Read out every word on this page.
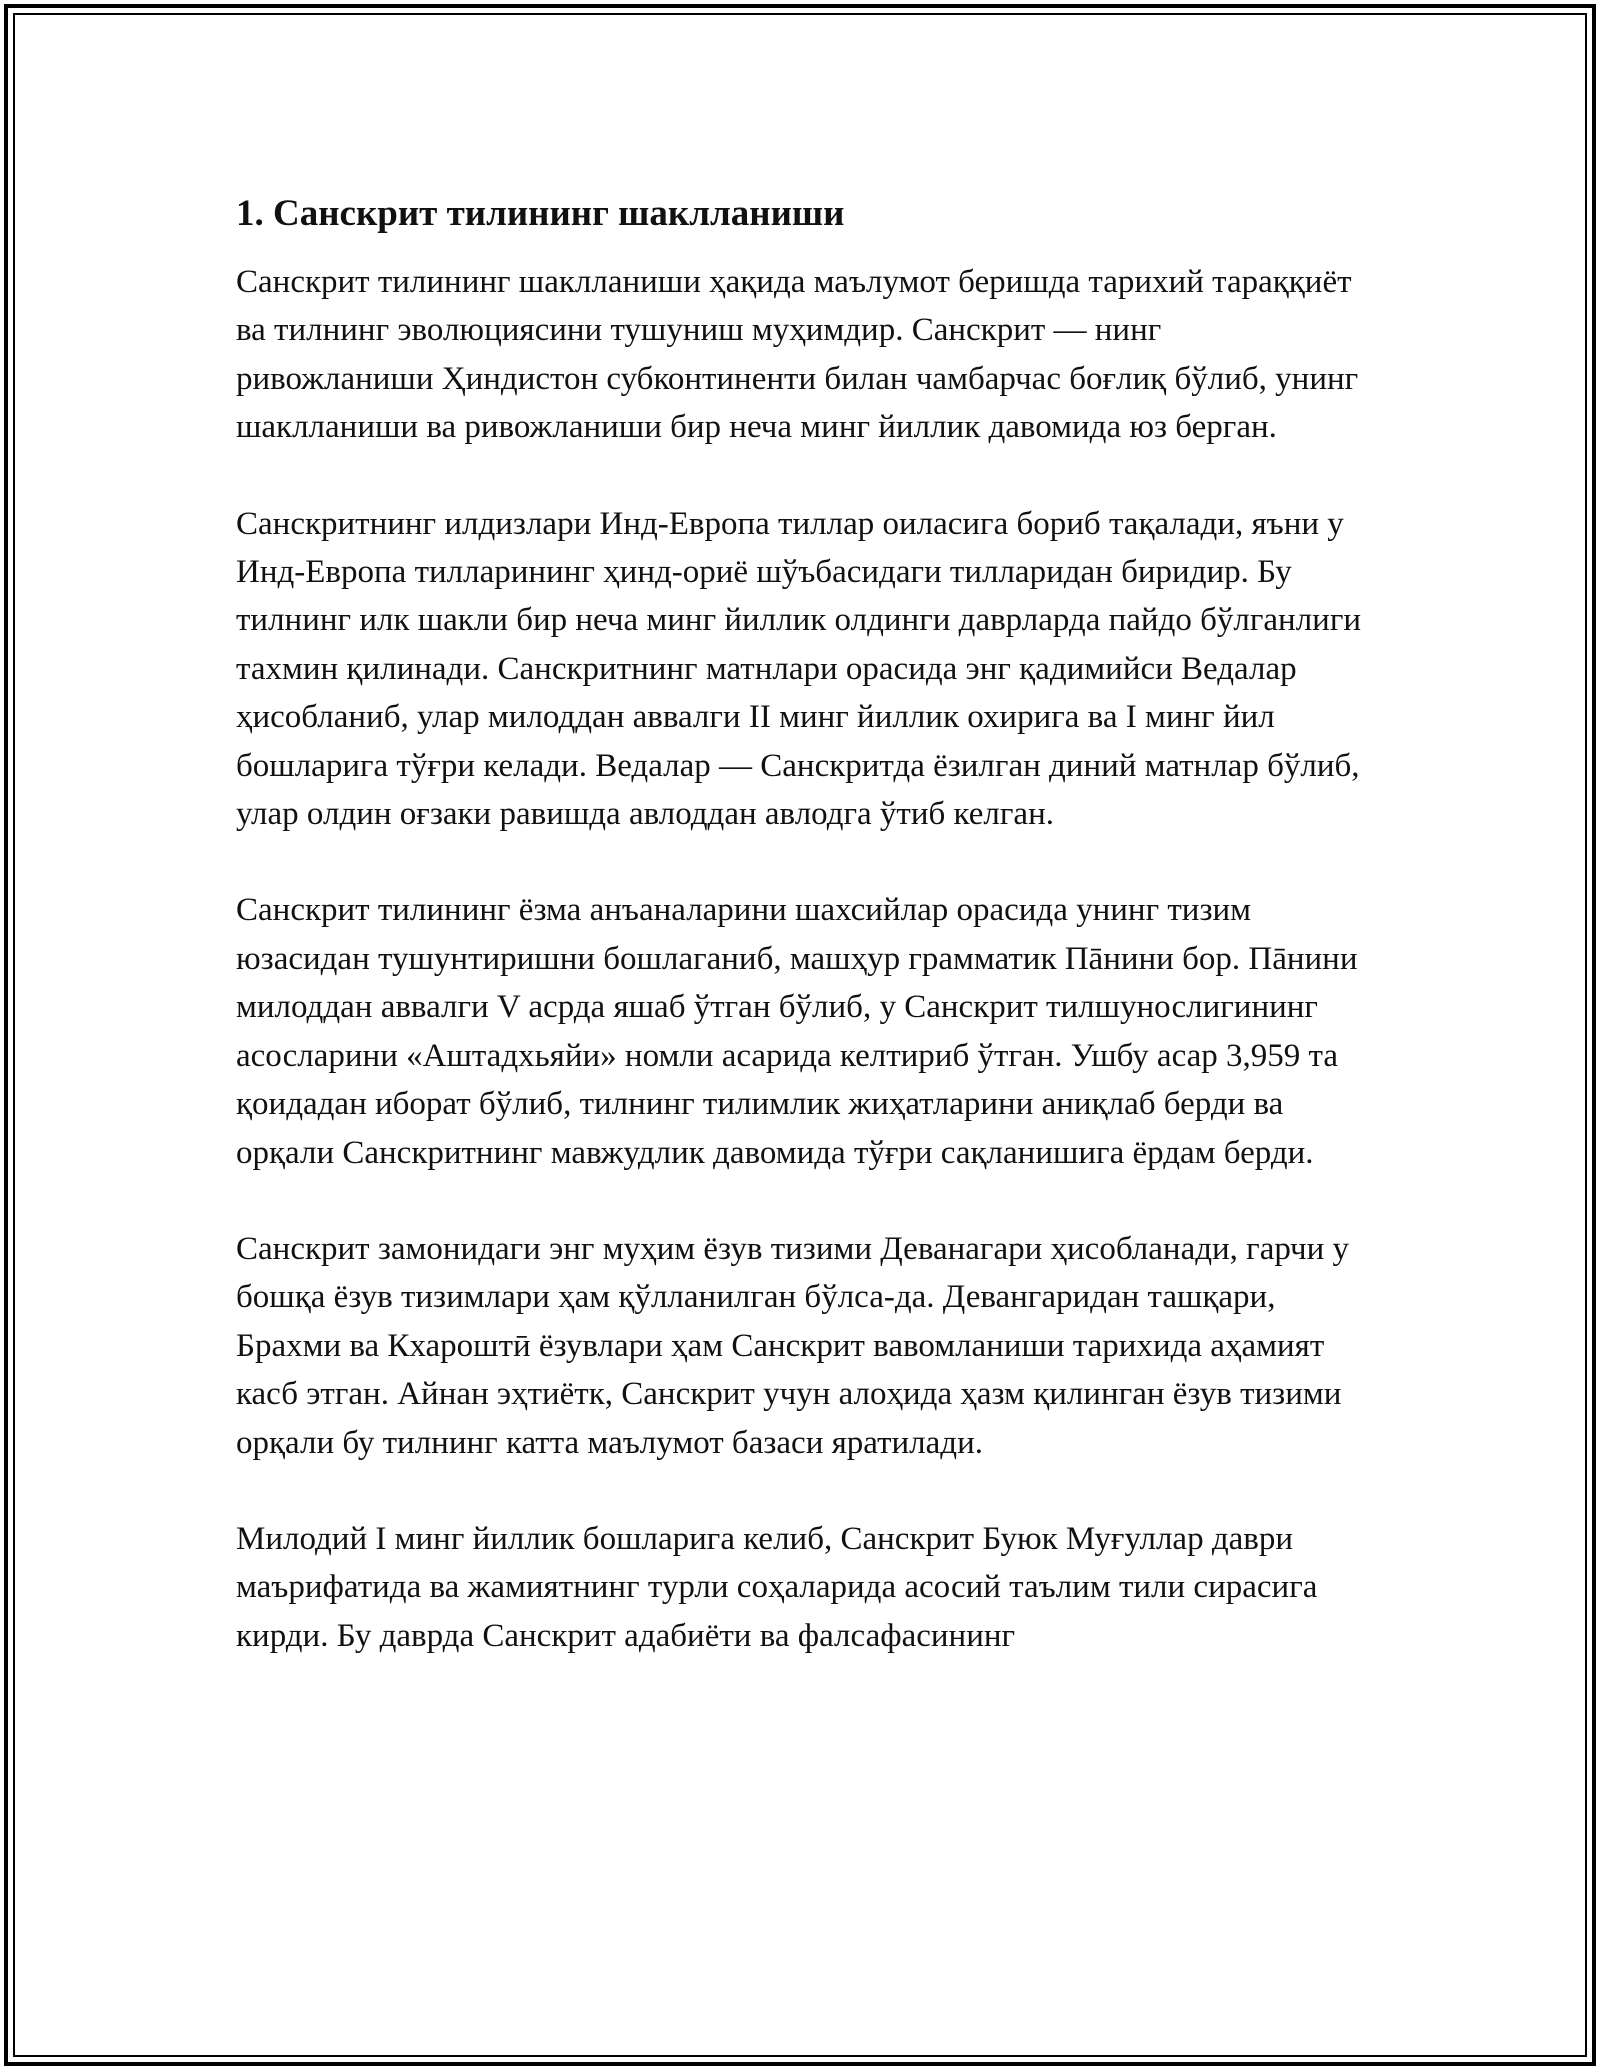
1. Санскрит тилининг шаклланиши

Санскрит тилининг шаклланиши ҳақида маълумот беришда тарихий тараққиёт ва тилнинг эволюциясини тушуниш муҳимдир. Санскрит — нинг ривожланиши Ҳиндистон субконтиненти билан чамбарчас боғлиқ бўлиб, унинг шаклланиши ва ривожланиши бир неча минг йиллик давомида юз берган.

Санскритнинг илдизлари Инд-Европа тиллар оиласига бориб тақалади, яъни у Инд-Европа тилларининг ҳинд-ориё шўъбасидаги тилларидан биридир. Бу тилнинг илк шакли бир неча минг йиллик олдинги даврларда пайдо бўлганлиги тахмин қилинади. Санскритнинг матнлари орасида энг қадимийси Ведалар ҳисобланиб, улар милоддан аввалги II минг йиллик охирига ва I минг йил бошларига тўғри келади. Ведалар — Санскритда ёзилган диний матнлар бўлиб, улар олдин оғзаки равишда авлоддан авлодга ўтиб келган.

Санскрит тилининг ёзма анъаналарини шахсийлар орасида унинг тизим юзасидан тушунтиришни бошлаганиб, машҳур грамматик Пāнини бор. Пāнини милоддан аввалги V асрда яшаб ўтган бўлиб, у Санскрит тилшунослигининг асосларини «Аштадхьяйи» номли асарида келтириб ўтган. Ушбу асар 3,959 та қоидадан иборат бўлиб, тилнинг тилимлик жиҳатларини аниқлаб берди ва орқали Санскритнинг мавжудлик давомида тўғри сақланишига ёрдам берди.

Санскрит замонидаги энг муҳим ёзув тизими Деванагари ҳисобланади, гарчи у бошқа ёзув тизимлари ҳам қўлланилган бўлса-да. Девангаридан ташқари, Брахми ва Кхароштӣ ёзувлари ҳам Санскрит вавомланиши тарихида аҳамият касб этган. Айнан эҳтиётк, Санскрит учун алоҳида ҳазм қилинган ёзув тизими орқали бу тилнинг катта маълумот базаси яратилади.

Милодий I минг йиллик бошларига келиб, Санскрит Буюк Муғуллар даври маърифатида ва жамиятнинг турли соҳаларида асосий таълим тили сирасига кирди. Бу даврда Санскрит адабиёти ва фалсафасининг
